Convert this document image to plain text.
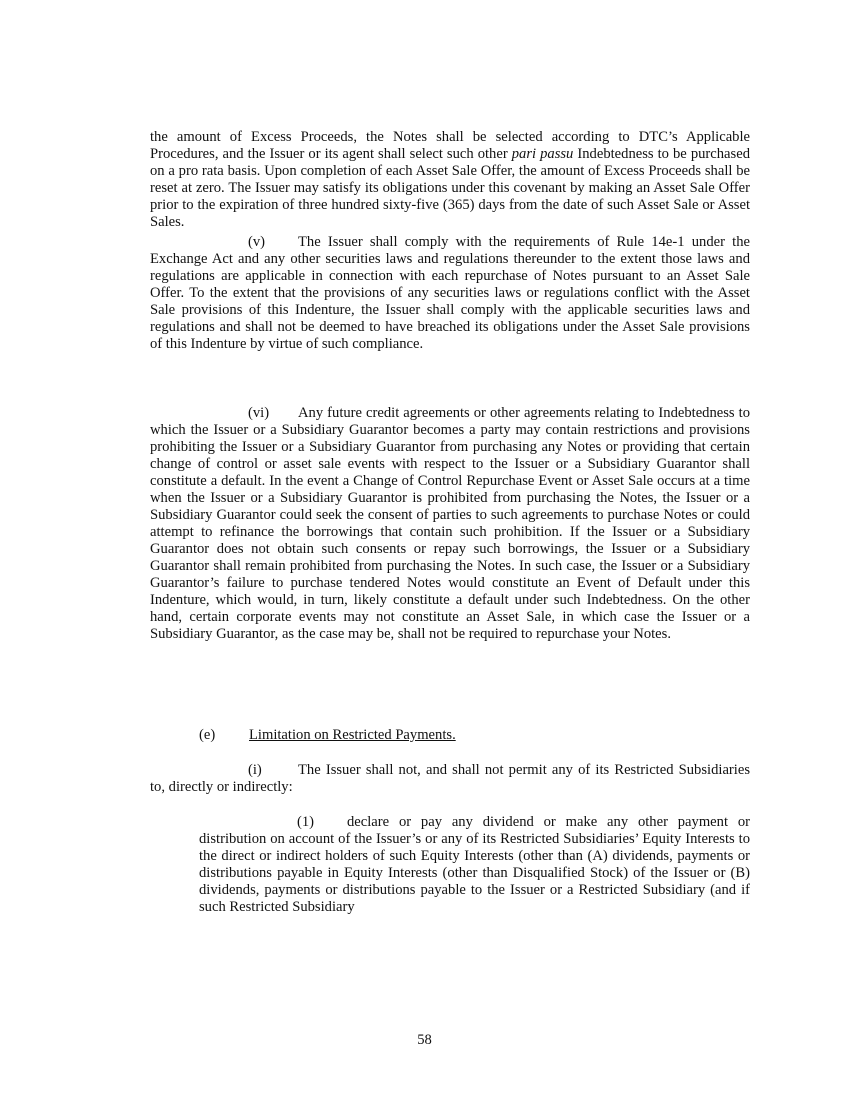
the amount of Excess Proceeds, the Notes shall be selected according to DTC’s Applicable Procedures, and the Issuer or its agent shall select such other pari passu Indebtedness to be purchased on a pro rata basis. Upon completion of each Asset Sale Offer, the amount of Excess Proceeds shall be reset at zero. The Issuer may satisfy its obligations under this covenant by making an Asset Sale Offer prior to the expiration of three hundred sixty-five (365) days from the date of such Asset Sale or Asset Sales.

(v) The Issuer shall comply with the requirements of Rule 14e-1 under the Exchange Act and any other securities laws and regulations thereunder to the extent those laws and regulations are applicable in connection with each repurchase of Notes pursuant to an Asset Sale Offer. To the extent that the provisions of any securities laws or regulations conflict with the Asset Sale provisions of this Indenture, the Issuer shall comply with the applicable securities laws and regulations and shall not be deemed to have breached its obligations under the Asset Sale provisions of this Indenture by virtue of such compliance.

(vi) Any future credit agreements or other agreements relating to Indebtedness to which the Issuer or a Subsidiary Guarantor becomes a party may contain restrictions and provisions prohibiting the Issuer or a Subsidiary Guarantor from purchasing any Notes or providing that certain change of control or asset sale events with respect to the Issuer or a Subsidiary Guarantor shall constitute a default. In the event a Change of Control Repurchase Event or Asset Sale occurs at a time when the Issuer or a Subsidiary Guarantor is prohibited from purchasing the Notes, the Issuer or a Subsidiary Guarantor could seek the consent of parties to such agreements to purchase Notes or could attempt to refinance the borrowings that contain such prohibition. If the Issuer or a Subsidiary Guarantor does not obtain such consents or repay such borrowings, the Issuer or a Subsidiary Guarantor shall remain prohibited from purchasing the Notes. In such case, the Issuer or a Subsidiary Guarantor’s failure to purchase tendered Notes would constitute an Event of Default under this Indenture, which would, in turn, likely constitute a default under such Indebtedness. On the other hand, certain corporate events may not constitute an Asset Sale, in which case the Issuer or a Subsidiary Guarantor, as the case may be, shall not be required to repurchase your Notes.

(e) Limitation on Restricted Payments.

(i) The Issuer shall not, and shall not permit any of its Restricted Subsidiaries to, directly or indirectly:

(1) declare or pay any dividend or make any other payment or distribution on account of the Issuer’s or any of its Restricted Subsidiaries’ Equity Interests to the direct or indirect holders of such Equity Interests (other than (A) dividends, payments or distributions payable in Equity Interests (other than Disqualified Stock) of the Issuer or (B) dividends, payments or distributions payable to the Issuer or a Restricted Subsidiary (and if such Restricted Subsidiary

58
